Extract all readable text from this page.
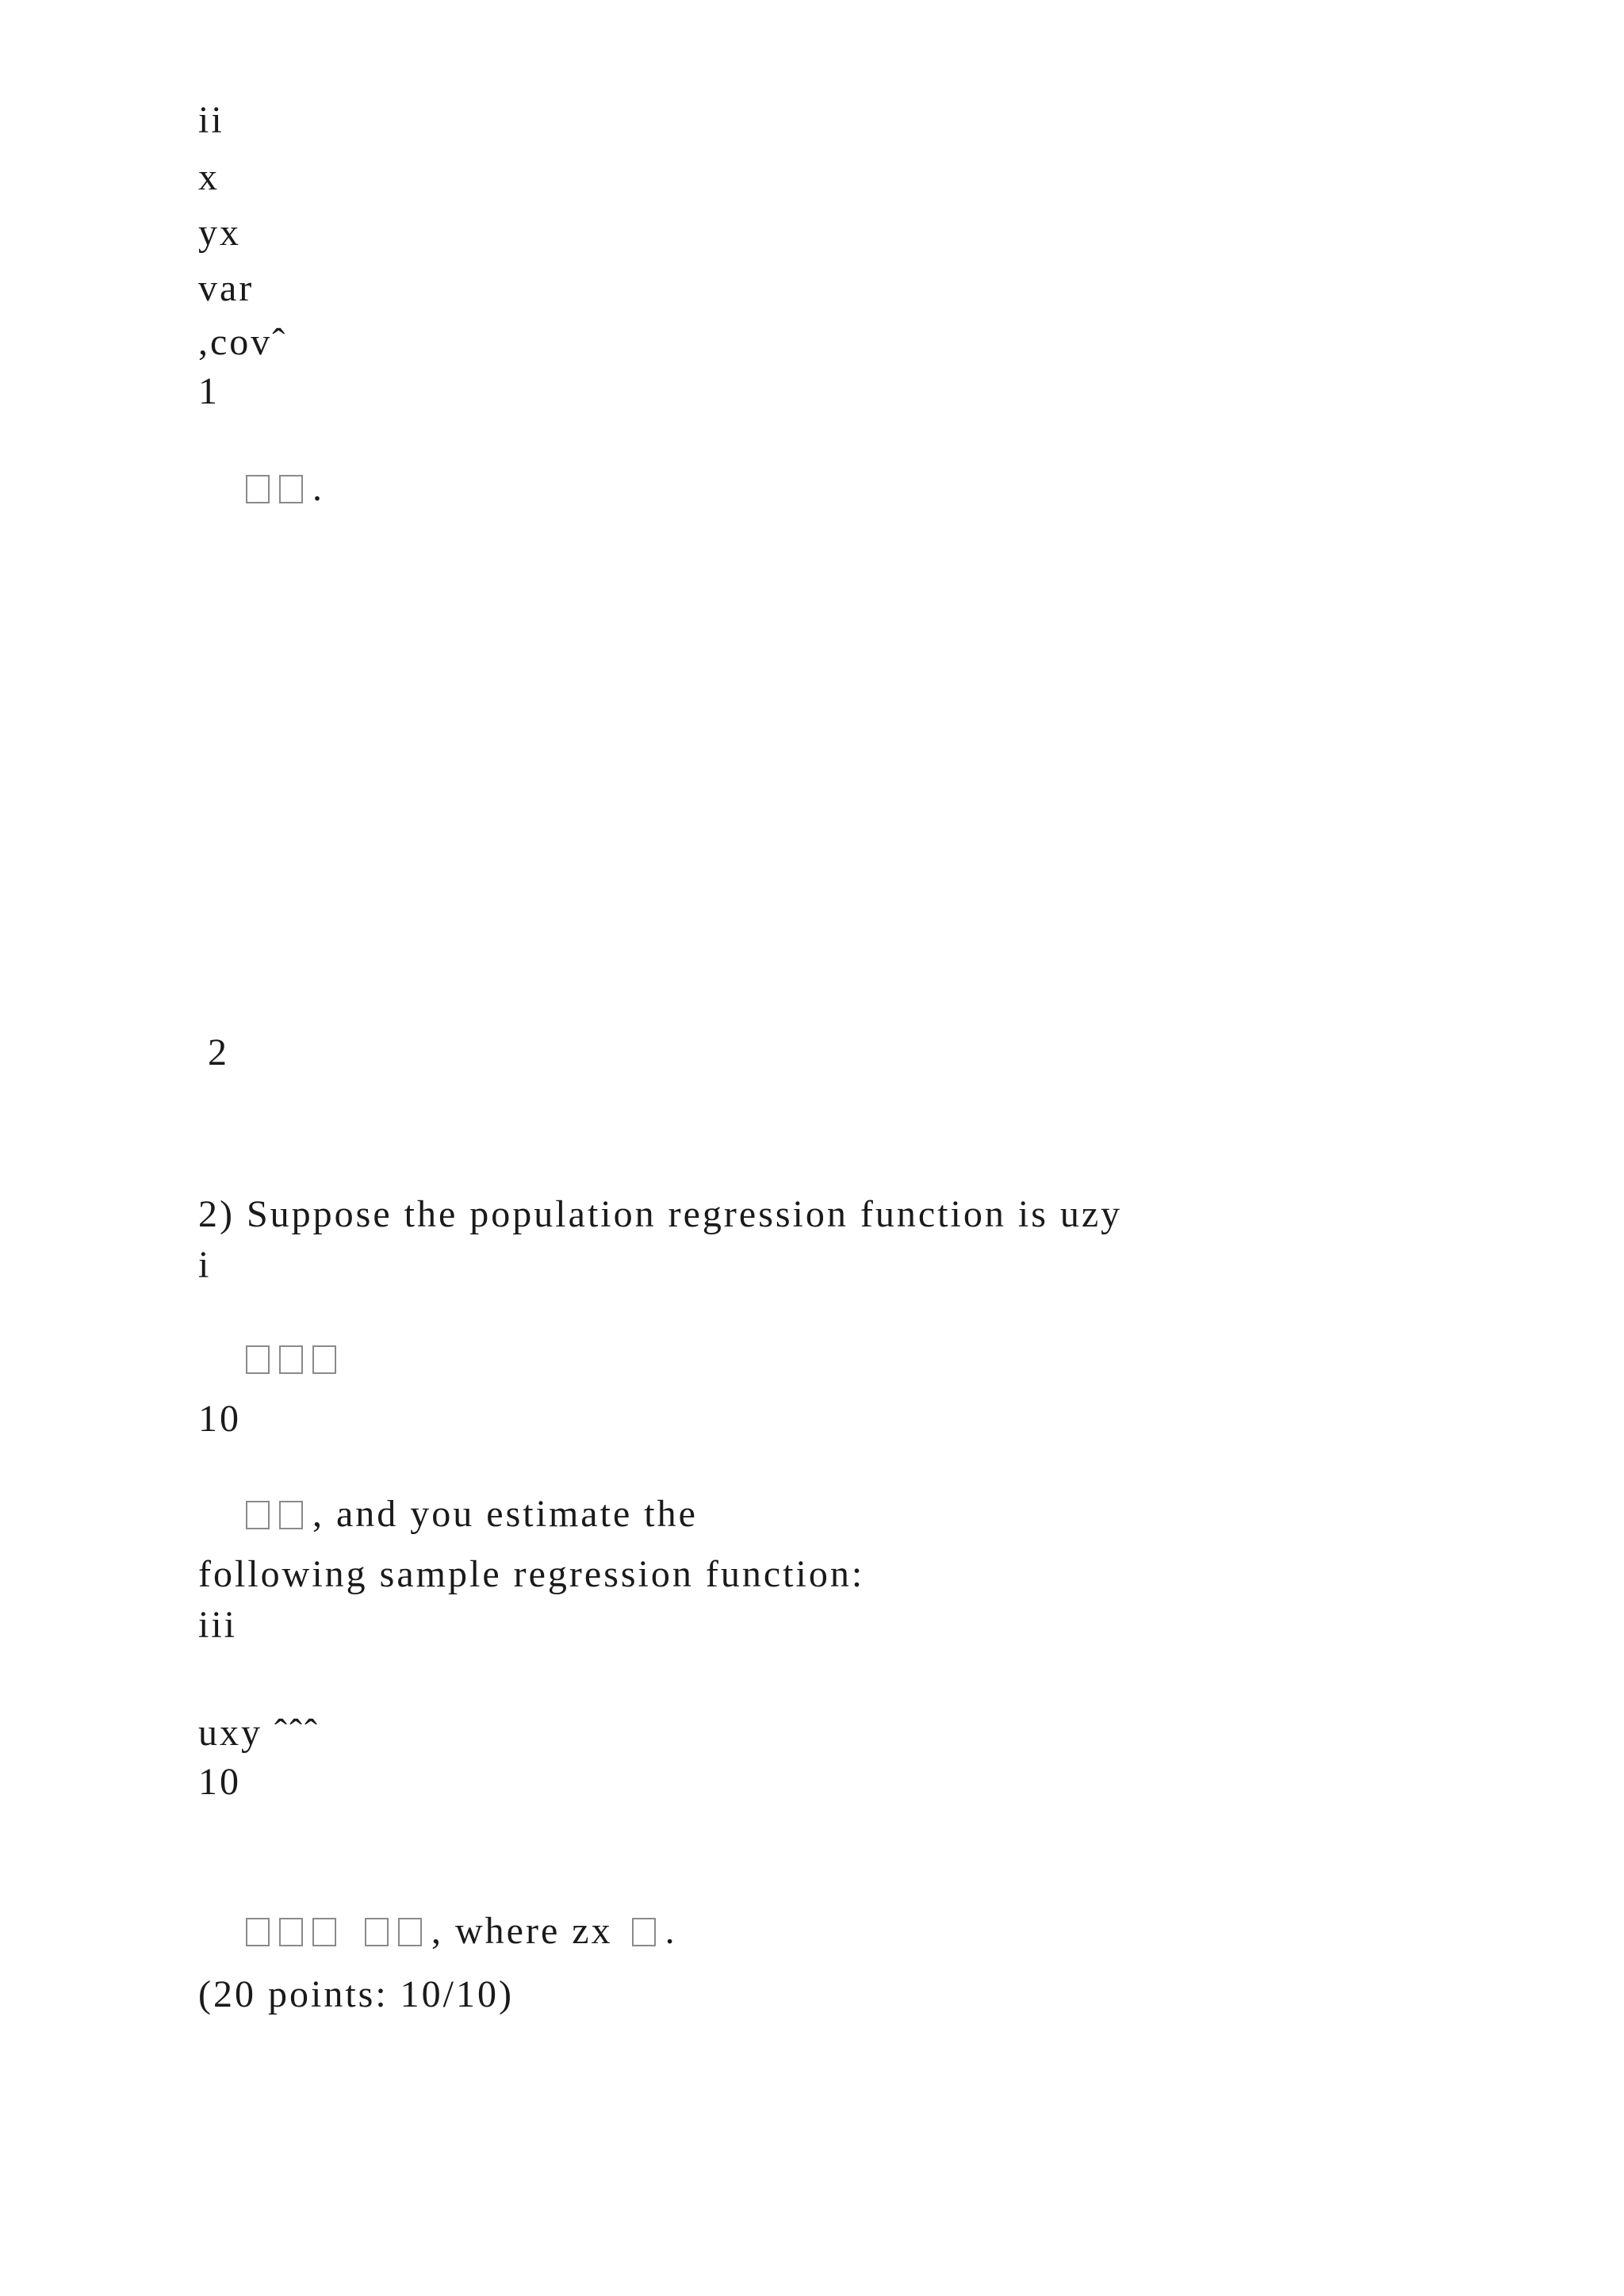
ii
x
yx
var
,covˆ
1

.

2
2) Suppose the population regression function is uzy
i

10

, and you estimate the

following sample regression function:
iii
uxy ˆˆˆ
10

, where zx .

(20 points: 10/10)
